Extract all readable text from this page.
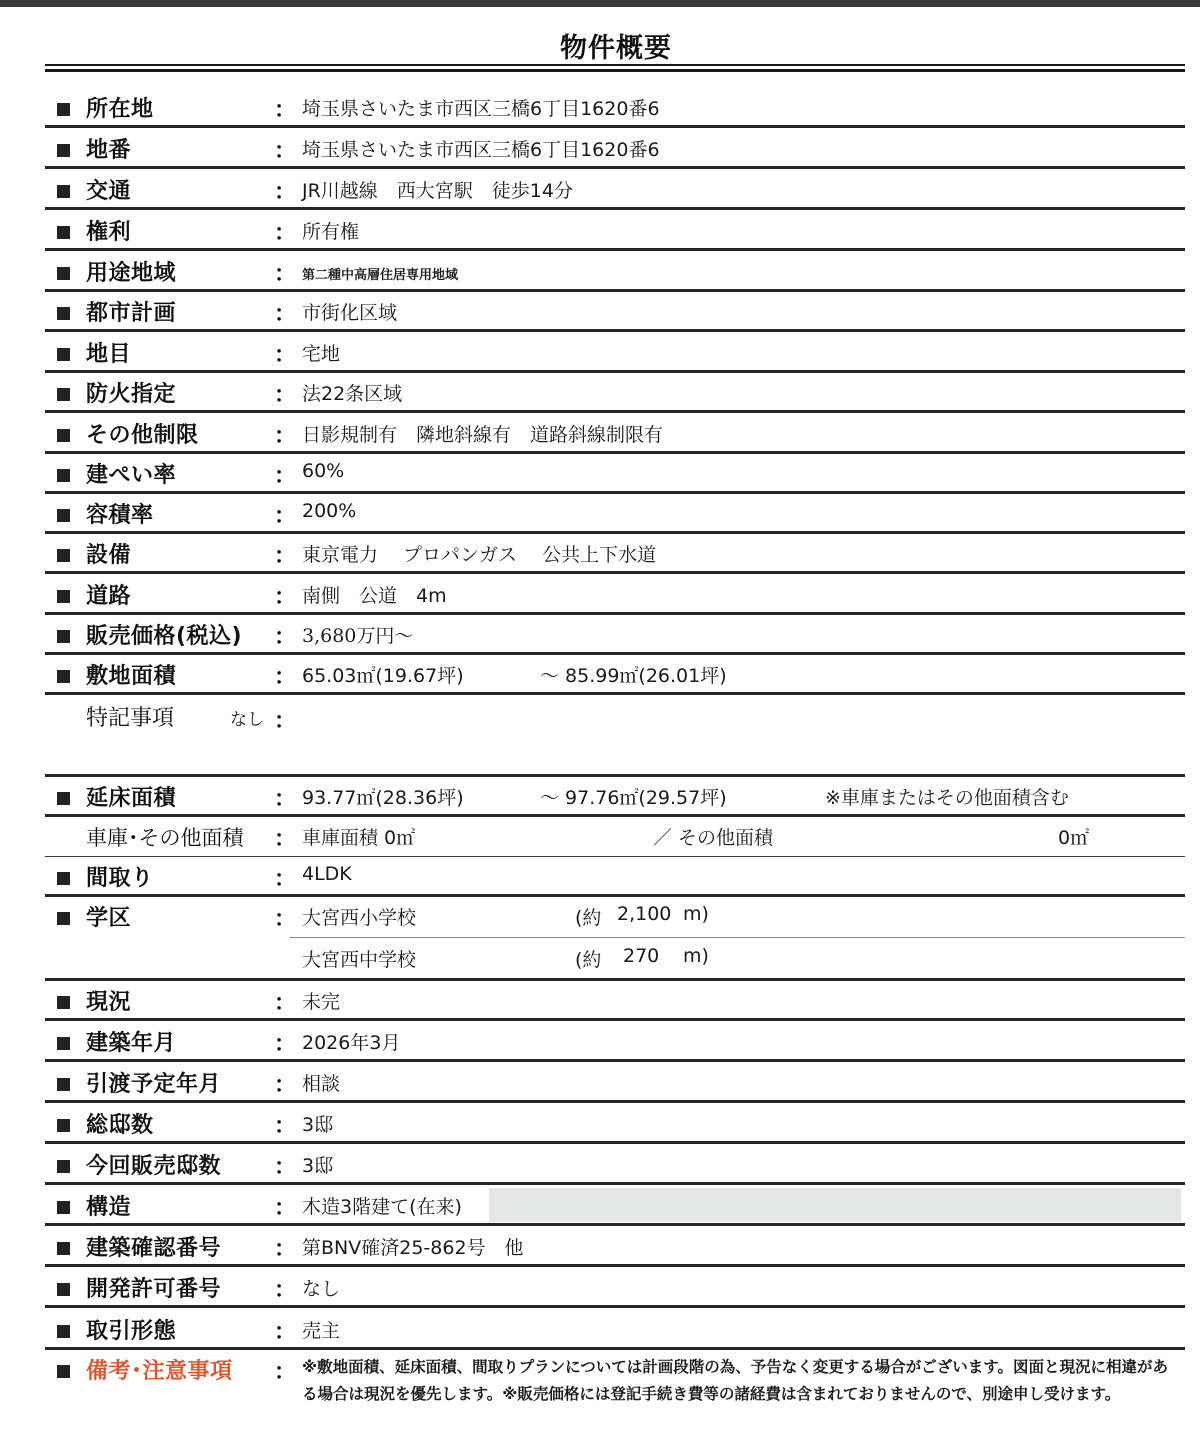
物件概要
所在地	： 埼玉県さいたま市西区三橋6丁目1620番6
地番	： 埼玉県さいたま市西区三橋6丁目1620番6
交通	： JR川越線　西大宮駅　徒歩14分
権利	： 所有権
用途地域	： 第二種中高層住居専用地域
都市計画	： 市街化区域
地目	： 宅地
防火指定	： 法22条区域
その他制限	： 日影規制有　隣地斜線有　道路斜線制限有
建ぺい率	： 60%
容積率	： 200%
設備	： 東京電力　 プロパンガス　 公共上下水道
道路	： 南側　公道　4m
販売価格(税込) ： 3,680万円～
敷地面積	： 65.03㎡(19.67坪)	～ 85.99㎡(26.01坪)
特記事項	なし ：
延床面積	： 93.77㎡(28.36坪)	～ 97.76㎡(29.57坪)	※車庫またはその他面積含む
車庫･その他面積 ： 車庫面積 0㎡	／ その他面積	0㎡
間取り	： 4LDK
学区	： 大宮西小学校	(約 2,100 m)
大宮西中学校	(約 270 m)
現況	： 未完
建築年月	： 2026年3月
引渡予定年月 ： 相談
総邸数	： 3邸
今回販売邸数 ： 3邸
構造	： 木造3階建て(在来)
建築確認番号 ： 第BNV確済25-862号　他
開発許可番号 ： なし
取引形態	： 売主
備考･注意事項 ： ※敷地面積、延床面積、間取りプランについては計画段階の為、予告なく変更する場合がございます。図面と現況に相違がある場合は現況を優先します。※販売価格には登記手続き費等の諸経費は含まれておりませんので、別途申し受けます。
